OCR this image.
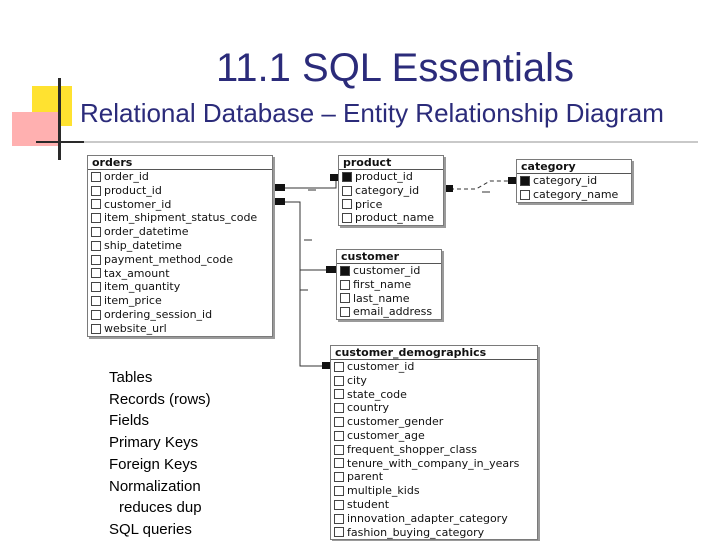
11.1 SQL Essentials
Relational Database – Entity Relationship Diagram
orders
order_id
product_id
customer_id
item_shipment_status_code
order_datetime
ship_datetime
payment_method_code
tax_amount
item_quantity
item_price
ordering_session_id
website_url
product
product_id
category_id
price
product_name
category
category_id
category_name
customer
customer_id
first_name
last_name
email_address
customer_demographics
customer_id
city
state_code
country
customer_gender
customer_age
frequent_shopper_class
tenure_with_company_in_years
parent
multiple_kids
student
innovation_adapter_category
fashion_buying_category
Tables
Records (rows)
Fields
Primary Keys
Foreign Keys
Normalization
reduces dup
SQL queries
